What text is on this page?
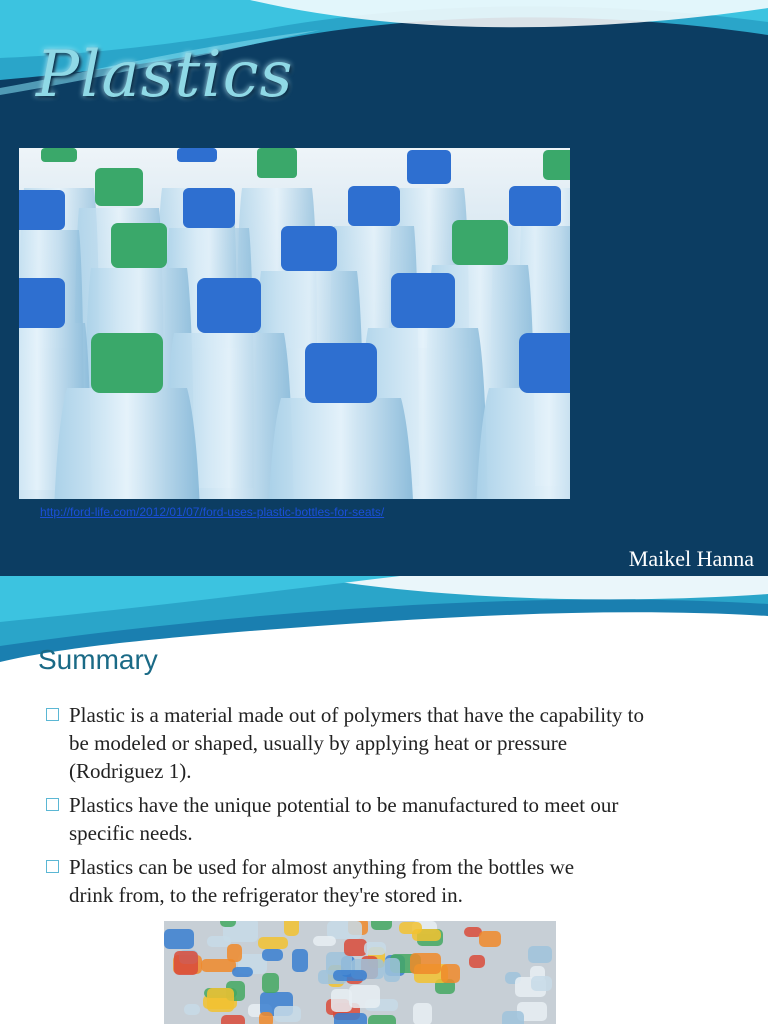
Plastics
http://ford-life.com/2012/01/07/ford-uses-plastic-bottles-for-seats/
Maikel Hanna
Summary
Plastic is a material made out of polymers that have the capability to be modeled or shaped, usually by applying heat or pressure (Rodriguez 1).
Plastics have the unique potential to be manufactured to meet our specific needs.
Plastics can be used for almost anything from the bottles we
drink from, to the refrigerator they're stored in.
